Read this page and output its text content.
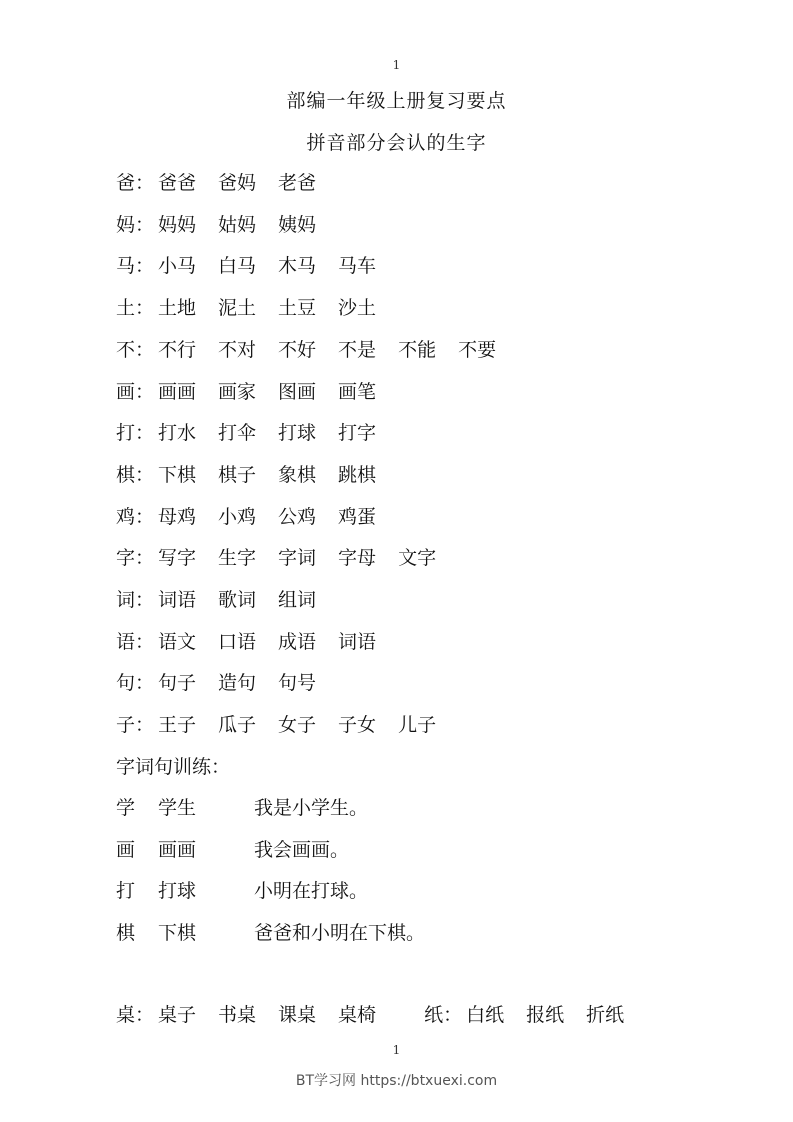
1
部编一年级上册复习要点
拼音部分会认的生字
爸： 爸爸 爸妈 老爸
妈： 妈妈 姑妈 姨妈
马： 小马 白马 木马 马车
土： 土地 泥土 土豆 沙土
不： 不行 不对 不好 不是 不能 不要
画： 画画 画家 图画 画笔
打： 打水 打伞 打球 打字
棋： 下棋 棋子 象棋 跳棋
鸡： 母鸡 小鸡 公鸡 鸡蛋
字： 写字 生字 字词 字母 文字
词： 词语 歌词 组词
语： 语文 口语 成语 词语
句： 句子 造句 句号
子： 王子 瓜子 女子 子女 儿子
字词句训练：
学 学生	我是小学生。
画 画画	我会画画。
打 打球	小明在打球。
棋 下棋	爸爸和小明在下棋。
桌： 桌子 书桌 课桌 桌椅	纸： 白纸 报纸 折纸
1
BT学习网 https://btxuexi.com
